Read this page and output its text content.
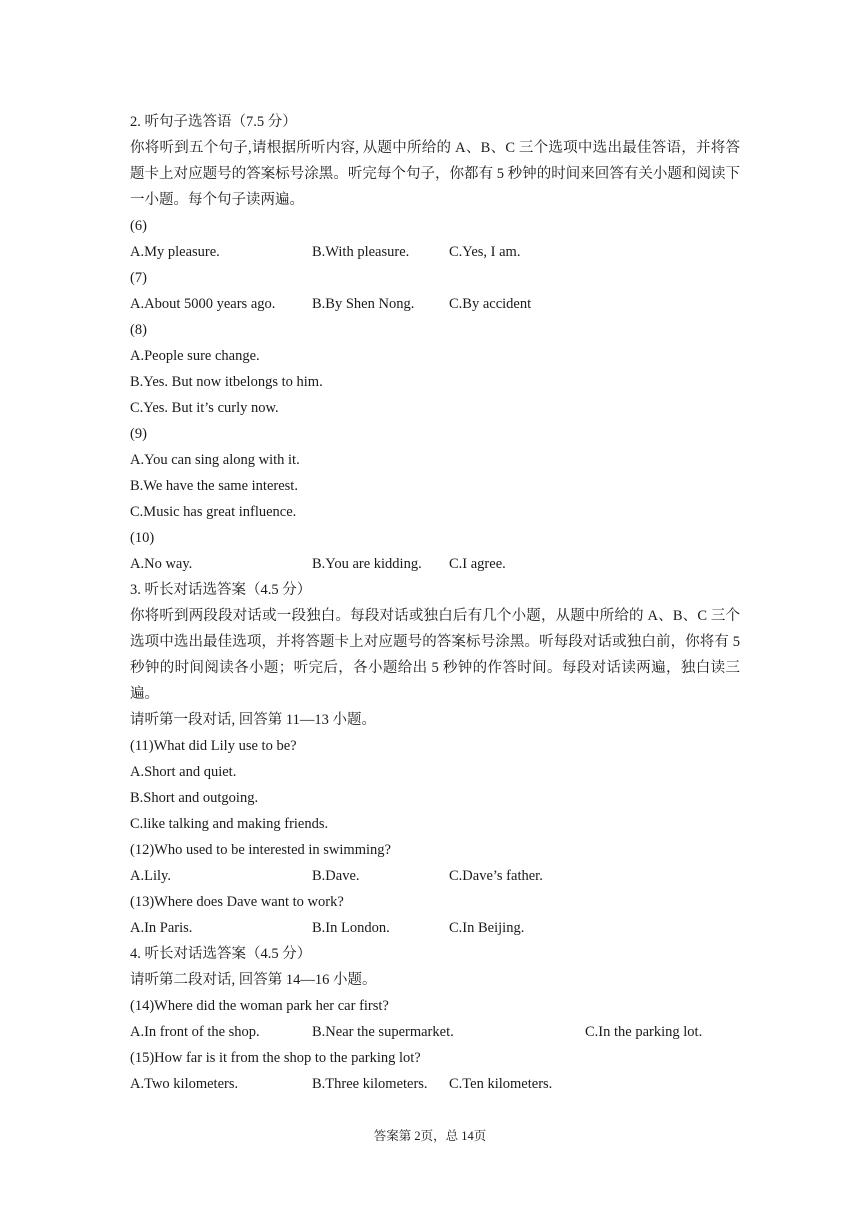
2. 听句子选答语（7.5 分）
你将听到五个句子,请根据所听内容, 从题中所给的 A、B、C 三个选项中选出最佳答语，并将答题卡上对应题号的答案标号涂黑。听完每个句子，你都有 5 秒钟的时间来回答有关小题和阅读下一小题。每个句子读两遍。
(6)
A.My pleasure.	B.With pleasure.	C.Yes, I am.
(7)
A.About 5000 years ago.	B.By Shen Nong.	C.By accident
(8)
A.People sure change.
B.Yes. But now itbelongs to him.
C.Yes. But it’s curly now.
(9)
A.You can sing along with it.
B.We have the same interest.
C.Music has great influence.
(10)
A.No way.	B.You are kidding.	C.I agree.
3. 听长对话选答案（4.5 分）
你将听到两段段对话或一段独白。每段对话或独白后有几个小题，从题中所给的 A、B、C 三个选项中选出最佳选项，并将答题卡上对应题号的答案标号涂黑。听每段对话或独白前，你将有 5 秒钟的时间阅读各小题；听完后，各小题给出 5 秒钟的作答时间。每段对话读两遍，独白读三遍。
请听第一段对话, 回答第 11—13 小题。
(11)What did Lily use to be?
A.Short and quiet.
B.Short and outgoing.
C.like talking and making friends.
(12)Who used to be interested in swimming?
A.Lily.	B.Dave.	C.Dave’s father.
(13)Where does Dave want to work?
A.In Paris.	B.In London.	C.In Beijing.
4. 听长对话选答案（4.5 分）
请听第二段对话, 回答第 14—16 小题。
(14)Where did the woman park her car first?
A.In front of the shop.	B.Near the supermarket.	C.In the parking lot.
(15)How far is it from the shop to the parking lot?
A.Two kilometers.	B.Three kilometers.	C.Ten kilometers.
答案第 2页，总 14页
